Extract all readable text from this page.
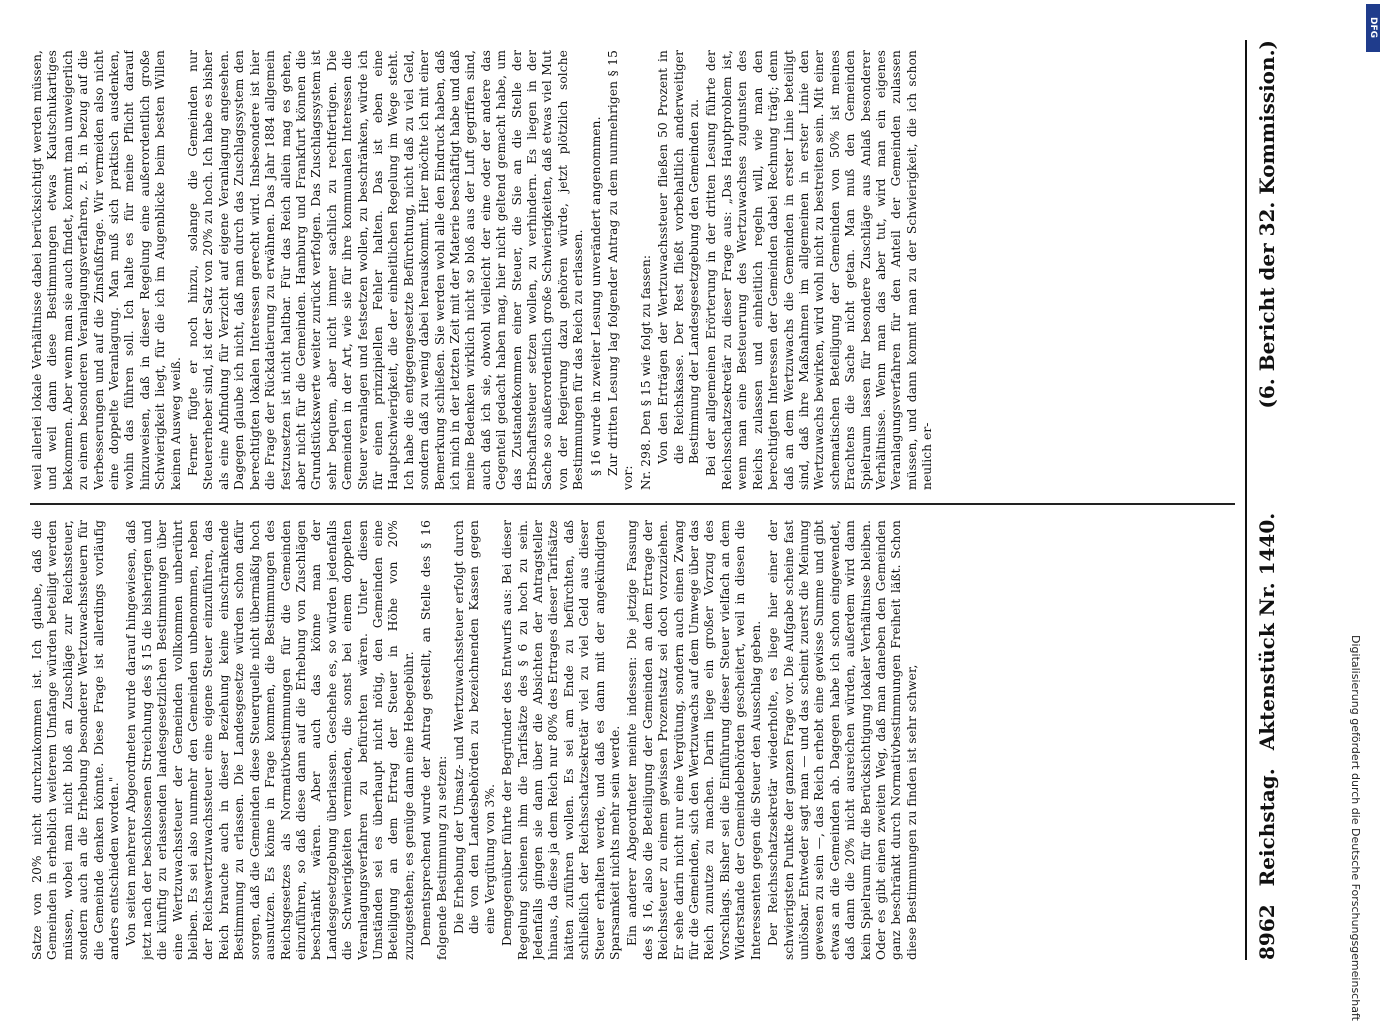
Satze von 20% nicht durchzukommen ist. Ich glaube, daß die Gemeinden in erheblich weiterem Umfange würden beteiligt werden müssen, wobei man nicht bloß an Zuschläge zur Reichssteuer, sondern auch an die Erhebung besonderer Wertzuwachssteuern für die Gemeinde denken könnte. Diese Frage ist allerdings vorläufig anders entschieden worden." Von seiten mehrerer Abgeordneten wurde darauf hingewiesen, daß jetzt nach der beschlossenen Streichung des § 15 die bisherigen und die künftig zu erlassenden landesgesetzlichen Bestimmungen über eine Wertzuwachssteuer der Gemeinden vollkommen unberührt bleiben. Es sei also nunmehr den Gemeinden unbenommen, neben der Reichswertzuwachssteuer eine eigene Steuer einzuführen, das Reich brauche auch in dieser Beziehung keine einschränkende Bestimmung zu erlassen. Die Landesgesetze würden schon dafür sorgen, daß die Gemeinden diese Steuerquelle nicht übermäßig hoch ausnutzen. Es könne in Frage kommen, die Bestimmungen des Reichsgesetzes als Normativbestimmungen für die Gemeinden einzuführen, so daß diese dann auf die Erhebung von Zuschlägen beschränkt wären. Aber auch das könne man der Landesgesetzgebung überlassen. Geschehe es, so würden jedenfalls die Schwierigkeiten vermieden, die sonst bei einem doppelten Veranlagungsverfahren zu befürchten wären. Unter diesen Umständen sei es überhaupt nicht nötig, den Gemeinden eine Beteiligung an dem Ertrag der Steuer in Höhe von 20% zuzugestehen; es genüge dann eine Hebegebühr. Dementsprechend wurde der Antrag gestellt, an Stelle des § 16 folgende Bestimmung zu setzen: Die Erhebung der Umsatz- und Wertzuwachssteuer erfolgt durch die von den Landesbehörden zu bezeichnenden Kassen gegen eine Vergütung von 3%. Demgegenüber führte der Begründer des Entwurfs aus: Bei dieser Regelung schienen ihm die Tarifsätze des § 6 zu hoch zu sein. Jedenfalls gingen sie dann über die Absichten der Antragsteller hinaus, da diese ja dem Reich nur 80% des Ertrages dieser Tarifsätze hätten zuführen wollen. Es sei am Ende zu befürchten, daß schließlich der Reichsschatzsekretär viel zu viel Geld aus dieser Steuer erhalten werde, und daß es dann mit der angekündigten Sparsamkeit nichts mehr sein werde. Ein anderer Abgeordneter meinte indessen: Die jetzige Fassung des § 16, also die Beteiligung der Gemeinden an dem Ertrage der Reichssteuer zu einem gewissen Prozentsatz sei doch vorzuziehen. Er sehe darin nicht nur eine Vergütung, sondern auch einen Zwang für die Gemeinden, sich den Wertzuwachs auf dem Umwege über das Reich zunutze zu machen. Darin liege ein großer Vorzug des Vorschlags. Bisher sei die Einführung dieser Steuer vielfach an dem Widerstande der Gemeindebehörden gescheitert, weil in diesen die Interessenten gegen die Steuer den Ausschlag geben. Der Reichsschatzsekretär wiederholte, es liege hier einer der schwierigsten Punkte der ganzen Frage vor. Die Aufgabe scheine fast unlösbar. Entweder sagt man — und das scheint zuerst die Meinung gewesen zu sein —, das Reich erhebt eine gewisse Summe und gibt etwas an die Gemeinden ab. Dagegen habe ich schon eingewendet, daß dann die 20% nicht ausreichen würden, außerdem wird dann kein Spielraum für die Berücksichtigung lokaler Verhältnisse bleiben. Oder es gibt einen zweiten Weg, daß man daneben den Gemeinden ganz beschränkt durch Normativbestimmungen Freiheit läßt. Schon diese Bestimmungen zu finden ist sehr schwer,

weil allerlei lokale Verhältnisse dabei berücksichtigt werden müssen, und weil dann diese Bestimmungen etwas Kautschukartiges bekommen. Aber wenn man sie auch findet, kommt man unweigerlich zu einem besonderen Veranlagungsverfahren, z. B. in bezug auf die Verbesserungen und auf die Zinsfußfrage. Wir vermeiden also nicht eine doppelte Veranlagung. Man muß sich praktisch ausdenken, wohin das führen soll. Ich halte es für meine Pflicht darauf hinzuweisen, daß in dieser Regelung eine außerordentlich große Schwierigkeit liegt, für die ich im Augenblicke beim besten Willen keinen Ausweg weiß. Ferner fügte er noch hinzu, solange die Gemeinden nur Steuererheber sind, ist der Satz von 20% zu hoch. Ich habe es bisher als eine Abfindung für Verzicht auf eigene Veranlagung angesehen. Dagegen glaube ich nicht, daß man durch das Zuschlagssystem den berechtigten lokalen Interessen gerecht wird. Insbesondere ist hier die Frage der Rückdatierung zu erwähnen. Das Jahr 1884 allgemein festzusetzen ist nicht haltbar. Für das Reich allein mag es gehen, aber nicht für die Gemeinden. Hamburg und Frankfurt können die Grundstückswerte weiter zurück verfolgen. Das Zuschlagssystem ist sehr bequem, aber nicht immer sachlich zu rechtfertigen. Die Gemeinden in der Art, wie sie für ihre kommunalen Interessen die Steuer veranlagen und festsetzen wollen, zu beschränken, würde ich für einen prinzipiellen Fehler halten. Das ist eben eine Hauptschwierigkeit, die der einheitlichen Regelung im Wege steht. Ich habe die entgegengesetzte Befürchtung, nicht daß zu viel Geld, sondern daß zu wenig dabei herauskommt. Hier möchte ich mit einer Bemerkung schließen. Sie werden wohl alle den Eindruck haben, daß ich mich in der letzten Zeit mit der Materie beschäftigt habe und daß meine Bedenken wirklich nicht so bloß aus der Luft gegriffen sind, auch daß ich sie, obwohl vielleicht der eine oder der andere das Gegenteil gedacht haben mag, hier nicht geltend gemacht habe, um das Zustandekommen einer Steuer, die Sie an die Stelle der Erbschaftssteuer setzen wollen, zu verhindern. Es liegen in der Sache so außerordentlich große Schwierigkeiten, daß etwas viel Mut von der Regierung dazu gehören würde, jetzt plötzlich solche Bestimmungen für das Reich zu erlassen. § 16 wurde in zweiter Lesung unverändert angenommen. Zur dritten Lesung lag folgender Antrag zu dem nunmehrigen § 15 vor: Nr. 298. Den § 15 wie folgt zu fassen: Von den Erträgen der Wertzuwachssteuer fließen 50 Prozent in die Reichskasse. Der Rest fließt vorbehaltlich anderweitiger Bestimmung der Landesgesetzgebung den Gemeinden zu. Bei der allgemeinen Erörterung in der dritten Lesung führte der Reichsschatzsekretär zu dieser Frage aus: „Das Hauptproblem ist, wenn man eine Besteuerung des Wertzuwachses zugunsten des Reichs zulassen und einheitlich regeln will, wie man den berechtigten Interessen der Gemeinden dabei Rechnung trägt; denn daß an dem Wertzuwachs die Gemeinden in erster Linie beteiligt sind, daß ihre Maßnahmen im allgemeinen in erster Linie den Wertzuwachs bewirken, wird wohl nicht zu bestreiten sein. Mit einer schematischen Beteiligung der Gemeinden von 50% ist meines Erachtens die Sache nicht getan. Man muß den Gemeinden Spielraum lassen für besondere Zuschläge aus Anlaß besonderer Verhältnisse. Wenn man das aber tut, wird man ein eigenes Veranlagungsverfahren für den Anteil der Gemeinden zulassen müssen, und dann kommt man zu der Schwierigkeit, die ich schon neulich er-

8962
Reichstag.
Aktenstück Nr. 1440.
(6. Bericht der 32. Kommission.)
Digitalisierung gefördert durch die Deutsche Forschungsgemeinschaft
DFG
